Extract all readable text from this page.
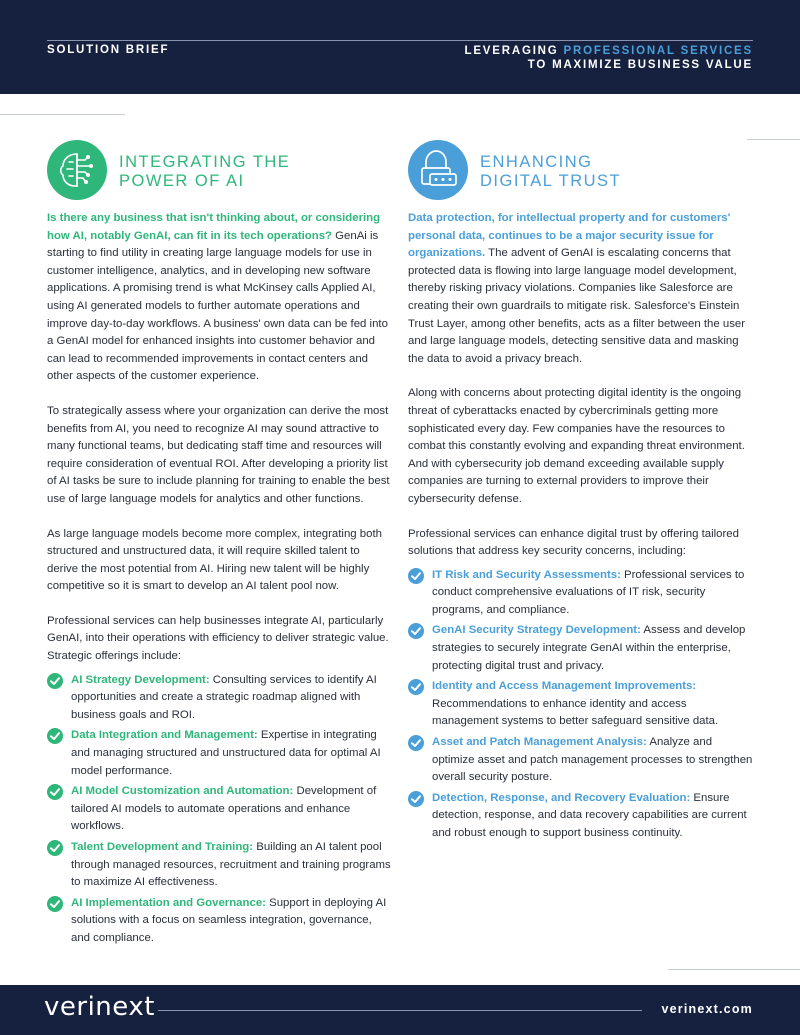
SOLUTION BRIEF	LEVERAGING PROFESSIONAL SERVICES
TO MAXIMIZE BUSINESS VALUE
INTEGRATING THE
POWER OF AI

Is there any business that isn't thinking about, or considering how AI, notably GenAI, can fit in its tech operations? GenAi is starting to find utility in creating large language models for use in customer intelligence, analytics, and in developing new software applications. A promising trend is what McKinsey calls Applied AI, using AI generated models to further automate operations and improve day-to-day workflows. A business' own data can be fed into a GenAI model for enhanced insights into customer behavior and can lead to recommended improvements in contact centers and other aspects of the customer experience.

To strategically assess where your organization can derive the most benefits from AI, you need to recognize AI may sound attractive to many functional teams, but dedicating staff time and resources will require consideration of eventual ROI. After developing a priority list of AI tasks be sure to include planning for training to enable the best use of large language models for analytics and other functions.

As large language models become more complex, integrating both structured and unstructured data, it will require skilled talent to derive the most potential from AI. Hiring new talent will be highly competitive so it is smart to develop an AI talent pool now.

Professional services can help businesses integrate AI, particularly GenAI, into their operations with efficiency to deliver strategic value. Strategic offerings include:

AI Strategy Development: Consulting services to identify AI opportunities and create a strategic roadmap aligned with business goals and ROI.
Data Integration and Management: Expertise in integrating and managing structured and unstructured data for optimal AI model performance.
AI Model Customization and Automation: Development of tailored AI models to automate operations and enhance workflows.
Talent Development and Training: Building an AI talent pool through managed resources, recruitment and training programs to maximize AI effectiveness.
AI Implementation and Governance: Support in deploying AI solutions with a focus on seamless integration, governance, and compliance.
ENHANCING
DIGITAL TRUST

Data protection, for intellectual property and for customers' personal data, continues to be a major security issue for organizations. The advent of GenAI is escalating concerns that protected data is flowing into large language model development, thereby risking privacy violations. Companies like Salesforce are creating their own guardrails to mitigate risk. Salesforce's Einstein Trust Layer, among other benefits, acts as a filter between the user and large language models, detecting sensitive data and masking the data to avoid a privacy breach.

Along with concerns about protecting digital identity is the ongoing threat of cyberattacks enacted by cybercriminals getting more sophisticated every day. Few companies have the resources to combat this constantly evolving and expanding threat environment. And with cybersecurity job demand exceeding available supply companies are turning to external providers to improve their cybersecurity defense.

Professional services can enhance digital trust by offering tailored solutions that address key security concerns, including:

IT Risk and Security Assessments: Professional services to conduct comprehensive evaluations of IT risk, security programs, and compliance.
GenAI Security Strategy Development: Assess and develop strategies to securely integrate GenAI within the enterprise, protecting digital trust and privacy.
Identity and Access Management Improvements: Recommendations to enhance identity and access management systems to better safeguard sensitive data.
Asset and Patch Management Analysis: Analyze and optimize asset and patch management processes to strengthen overall security posture.
Detection, Response, and Recovery Evaluation: Ensure detection, response, and data recovery capabilities are current and robust enough to support business continuity.
verinext	verinext.com
